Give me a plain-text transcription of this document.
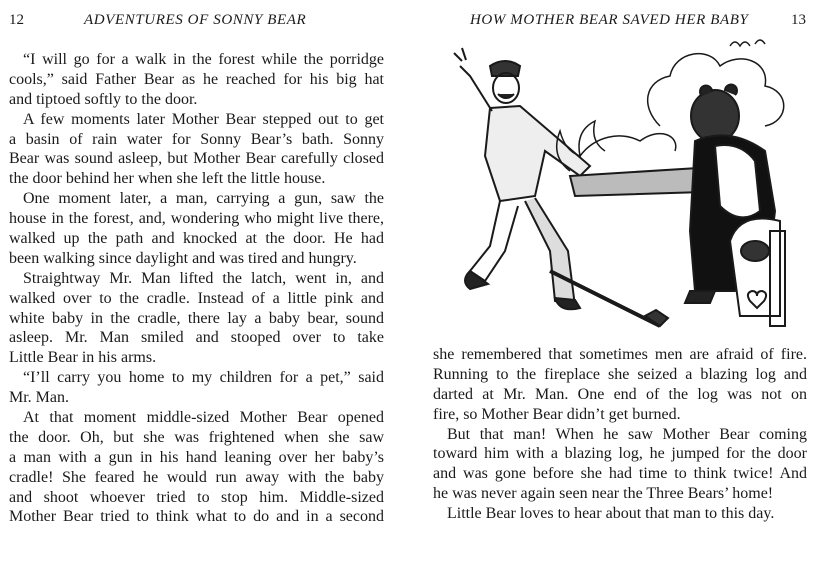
12	ADVENTURES OF SONNY BEAR
“I will go for a walk in the forest while the porridge
cools,” said Father Bear as he reached for his big hat
and tiptoed softly to the door.
A few moments later Mother Bear stepped out to get
a basin of rain water for Sonny Bear’s bath. Sonny
Bear was sound asleep, but Mother Bear carefully closed
the door behind her when she left the little house.
One moment later, a man, carrying a gun, saw the
house in the forest, and, wondering who might live there,
walked up the path and knocked at the door. He had
been walking since daylight and was tired and hungry.
Straightway Mr. Man lifted the latch, went in, and
walked over to the cradle. Instead of a little pink and
white baby in the cradle, there lay a baby bear, sound
asleep. Mr. Man smiled and stooped over to take
Little Bear in his arms.
“I’ll carry you home to my children for a pet,” said
Mr. Man.
At that moment middle-sized Mother Bear opened
the door. Oh, but she was frightened when she saw
a man with a gun in his hand leaning over her baby’s
cradle! She feared he would run away with the baby
and shoot whoever tried to stop him. Middle-sized
Mother Bear tried to think what to do and in a second
HOW MOTHER BEAR SAVED HER BABY	13
she remembered that sometimes men are afraid of fire.
Running to the fireplace she seized a blazing log and
darted at Mr. Man. One end of the log was not on
fire, so Mother Bear didn’t get burned.
But that man! When he saw Mother Bear coming
toward him with a blazing log, he jumped for the door
and was gone before she had time to think twice! And
he was never again seen near the Three Bears’ home!
Little Bear loves to hear about that man to this day.
